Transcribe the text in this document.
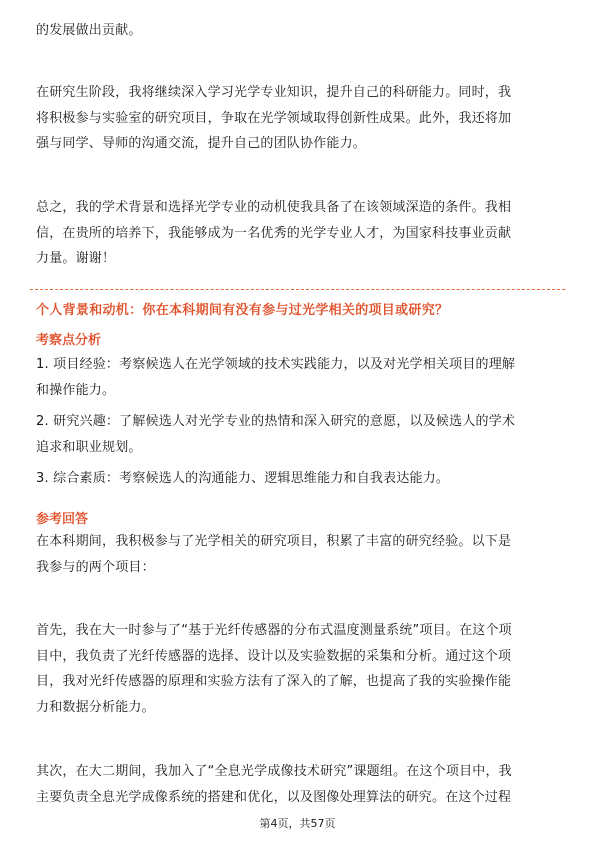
的发展做出贡献。

在研究生阶段，我将继续深入学习光学专业知识，提升自己的科研能力。同时，我
将积极参与实验室的研究项目，争取在光学领域取得创新性成果。此外，我还将加
强与同学、导师的沟通交流，提升自己的团队协作能力。

总之，我的学术背景和选择光学专业的动机使我具备了在该领域深造的条件。我相
信，在贵所的培养下，我能够成为一名优秀的光学专业人才，为国家科技事业贡献
力量。谢谢！

个人背景和动机：你在本科期间有没有参与过光学相关的项目或研究？
考察点分析

1. 项目经验：考察候选人在光学领域的技术实践能力，以及对光学相关项目的理解
和操作能力。

2. 研究兴趣：了解候选人对光学专业的热情和深入研究的意愿，以及候选人的学术
追求和职业规划。

3. 综合素质：考察候选人的沟通能力、逻辑思维能力和自我表达能力。

参考回答

在本科期间，我积极参与了光学相关的研究项目，积累了丰富的研究经验。以下是
我参与的两个项目：

首先，我在大一时参与了“基于光纤传感器的分布式温度测量系统”项目。在这个项
目中，我负责了光纤传感器的选择、设计以及实验数据的采集和分析。通过这个项
目，我对光纤传感器的原理和实验方法有了深入的了解，也提高了我的实验操作能
力和数据分析能力。

其次，在大二期间，我加入了“全息光学成像技术研究”课题组。在这个项目中，我
主要负责全息光学成像系统的搭建和优化，以及图像处理算法的研究。在这个过程

第4页，共57页
